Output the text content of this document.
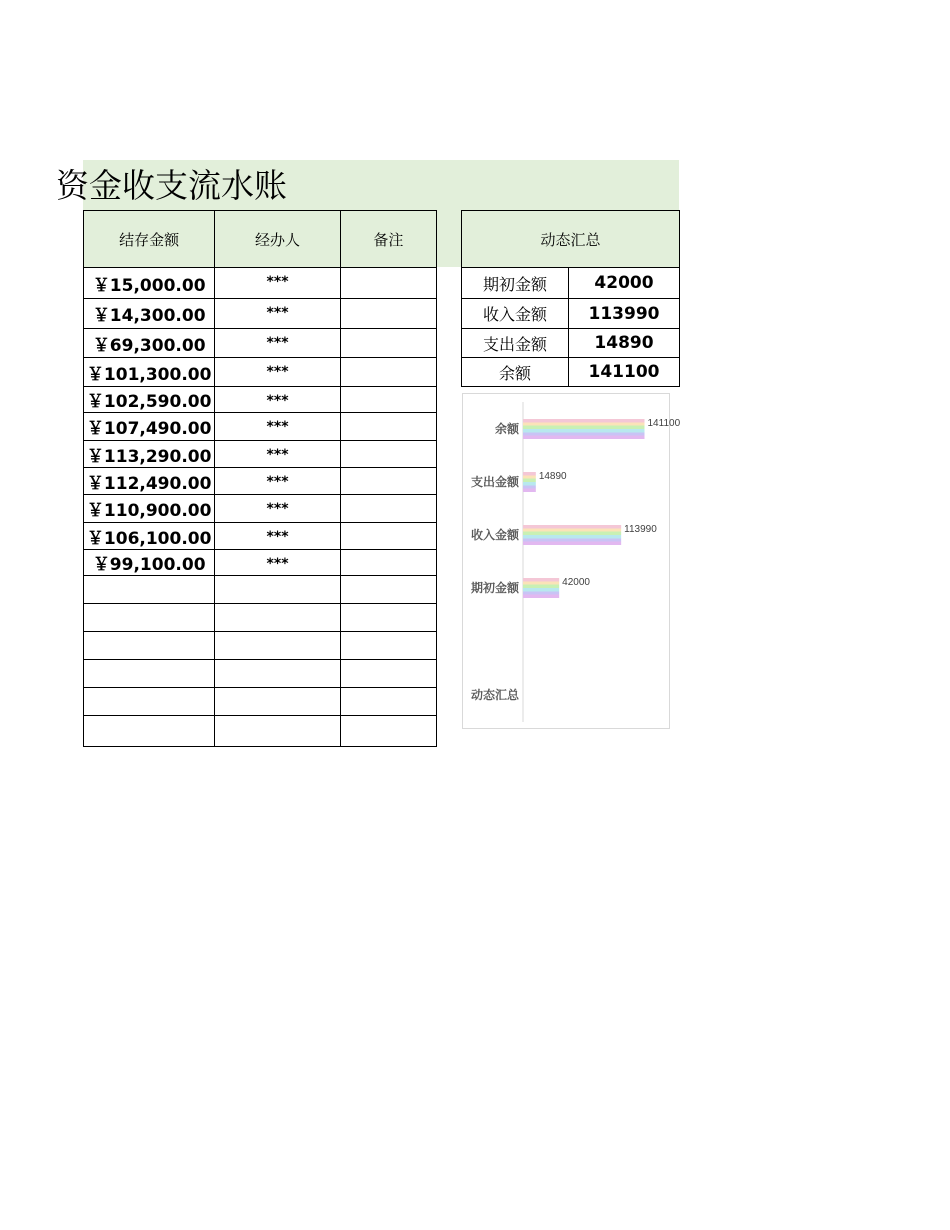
资金收支流水账
结存金额	经办人	备注
￥15,000.00	***	
￥14,300.00	***	
￥69,300.00	***	
￥101,300.00	***	
￥102,590.00	***	
￥107,490.00	***	
￥113,290.00	***	
￥112,490.00	***	
￥110,900.00	***	
￥106,100.00	***	
￥99,100.00	***	

动态汇总	
期初金额	42000
收入金额	113990
支出金额	14890
余额	141100
余额	141100
支出金额 14890
收入金额	113990
期初金额	42000
动态汇总
